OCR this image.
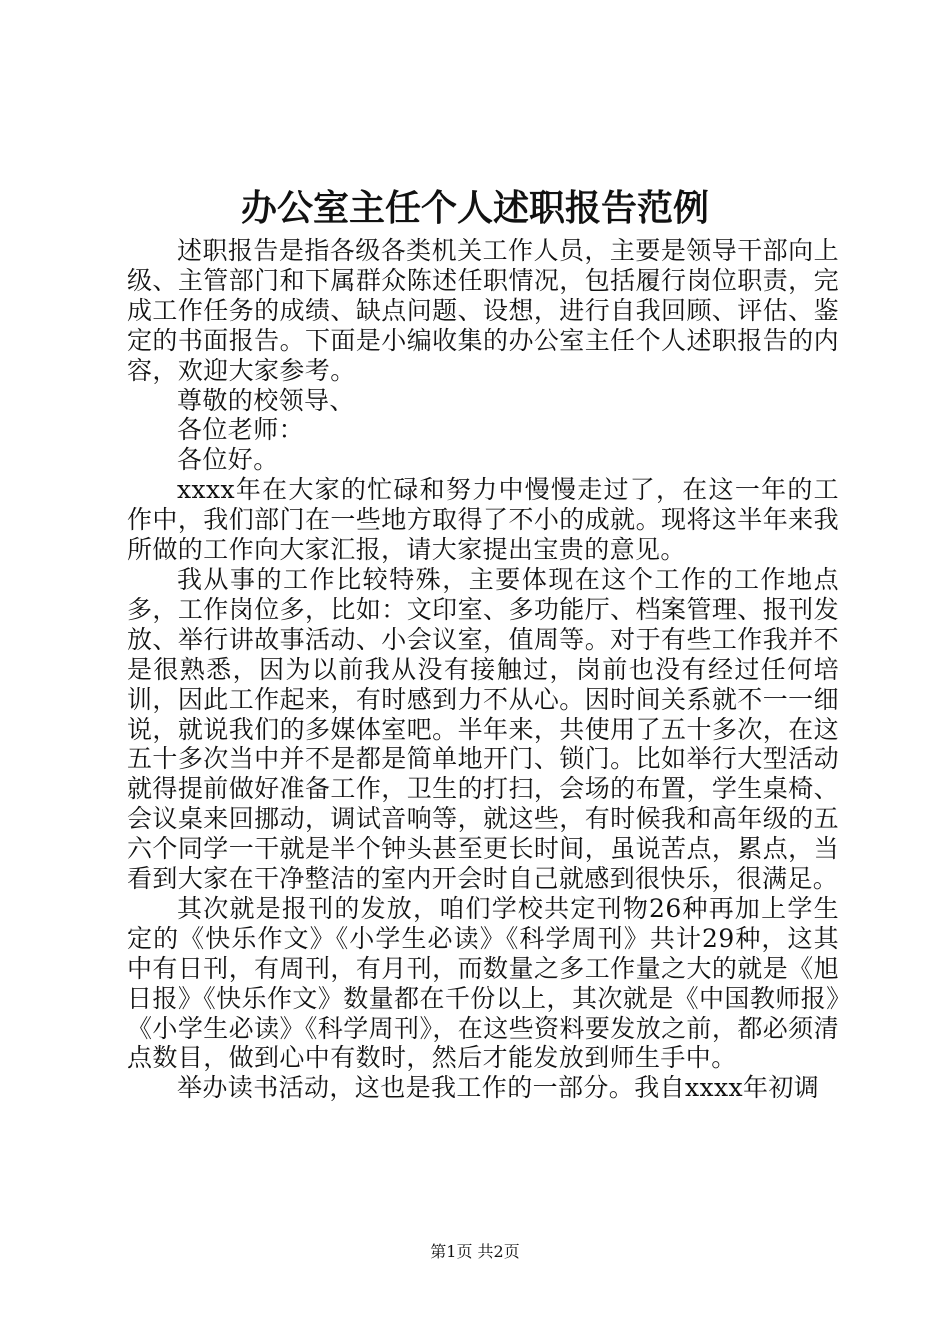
办公室主任个人述职报告范例

述职报告是指各级各类机关工作人员，主要是领导干部向上级、主管部门和下属群众陈述任职情况，包括履行岗位职责，完成工作任务的成绩、缺点问题、设想，进行自我回顾、评估、鉴定的书面报告。下面是小编收集的办公室主任个人述职报告的内容，欢迎大家参考。

尊敬的校领导、

各位老师：

各位好。

xxxx年在大家的忙碌和努力中慢慢走过了，在这一年的工作中，我们部门在一些地方取得了不小的成就。现将这半年来我所做的工作向大家汇报，请大家提出宝贵的意见。

我从事的工作比较特殊，主要体现在这个工作的工作地点多，工作岗位多，比如：文印室、多功能厅、档案管理、报刊发放、举行讲故事活动、小会议室，值周等。对于有些工作我并不是很熟悉，因为以前我从没有接触过，岗前也没有经过任何培训，因此工作起来，有时感到力不从心。因时间关系就不一一细说，就说我们的多媒体室吧。半年来，共使用了五十多次，在这五十多次当中并不是都是简单地开门、锁门。比如举行大型活动就得提前做好准备工作，卫生的打扫，会场的布置，学生桌椅、会议桌来回挪动，调试音响等，就这些，有时候我和高年级的五六个同学一干就是半个钟头甚至更长时间，虽说苦点，累点，当看到大家在干净整洁的室内开会时自己就感到很快乐，很满足。

其次就是报刊的发放，咱们学校共定刊物26种再加上学生定的《快乐作文》《小学生必读》《科学周刊》共计29种，这其中有日刊，有周刊，有月刊，而数量之多工作量之大的就是《旭日报》《快乐作文》数量都在千份以上，其次就是《中国教师报》《小学生必读》《科学周刊》，在这些资料要发放之前，都必须清点数目，做到心中有数时，然后才能发放到师生手中。

举办读书活动，这也是我工作的一部分。我自xxxx年初调

第1页 共2页
